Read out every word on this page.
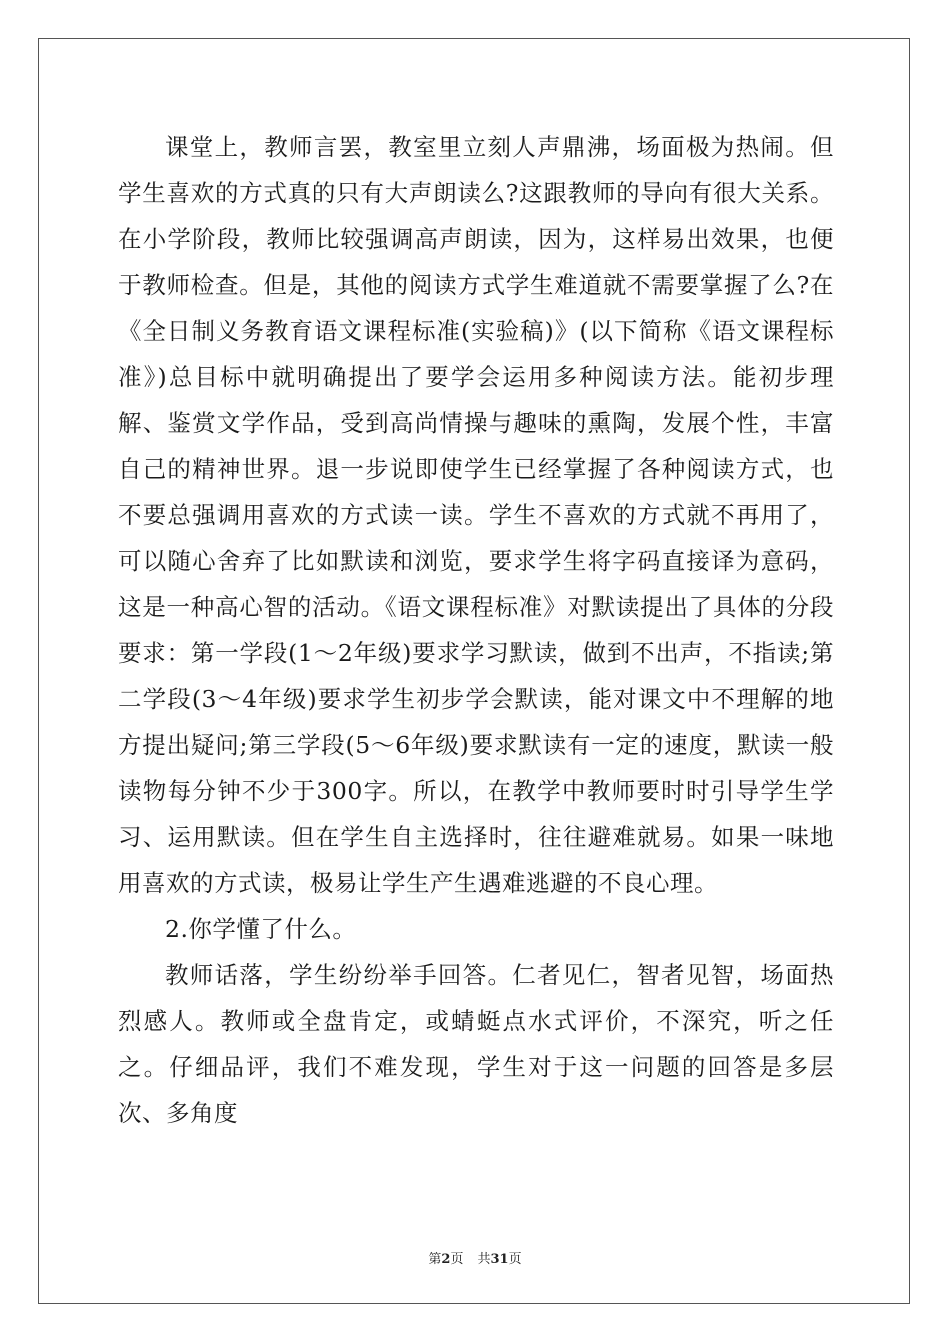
课堂上，教师言罢，教室里立刻人声鼎沸，场面极为热闹。但学生喜欢的方式真的只有大声朗读么?这跟教师的导向有很大关系。在小学阶段，教师比较强调高声朗读，因为，这样易出效果，也便于教师检查。但是，其他的阅读方式学生难道就不需要掌握了么?在《全日制义务教育语文课程标准(实验稿)》(以下简称《语文课程标准》)总目标中就明确提出了要学会运用多种阅读方法。能初步理解、鉴赏文学作品，受到高尚情操与趣味的熏陶，发展个性，丰富自己的精神世界。退一步说即使学生已经掌握了各种阅读方式，也不要总强调用喜欢的方式读一读。学生不喜欢的方式就不再用了，可以随心舍弃了比如默读和浏览，要求学生将字码直接译为意码，这是一种高心智的活动。《语文课程标准》对默读提出了具体的分段要求：第一学段(1～2年级)要求学习默读，做到不出声，不指读;第二学段(3～4年级)要求学生初步学会默读，能对课文中不理解的地方提出疑问;第三学段(5～6年级)要求默读有一定的速度，默读一般读物每分钟不少于300字。所以，在教学中教师要时时引导学生学习、运用默读。但在学生自主选择时，往往避难就易。如果一味地用喜欢的方式读，极易让学生产生遇难逃避的不良心理。

2.你学懂了什么。

教师话落，学生纷纷举手回答。仁者见仁，智者见智，场面热烈感人。教师或全盘肯定，或蜻蜓点水式评价，不深究，听之任之。仔细品评，我们不难发现，学生对于这一问题的回答是多层次、多角度

第2页 共31页
